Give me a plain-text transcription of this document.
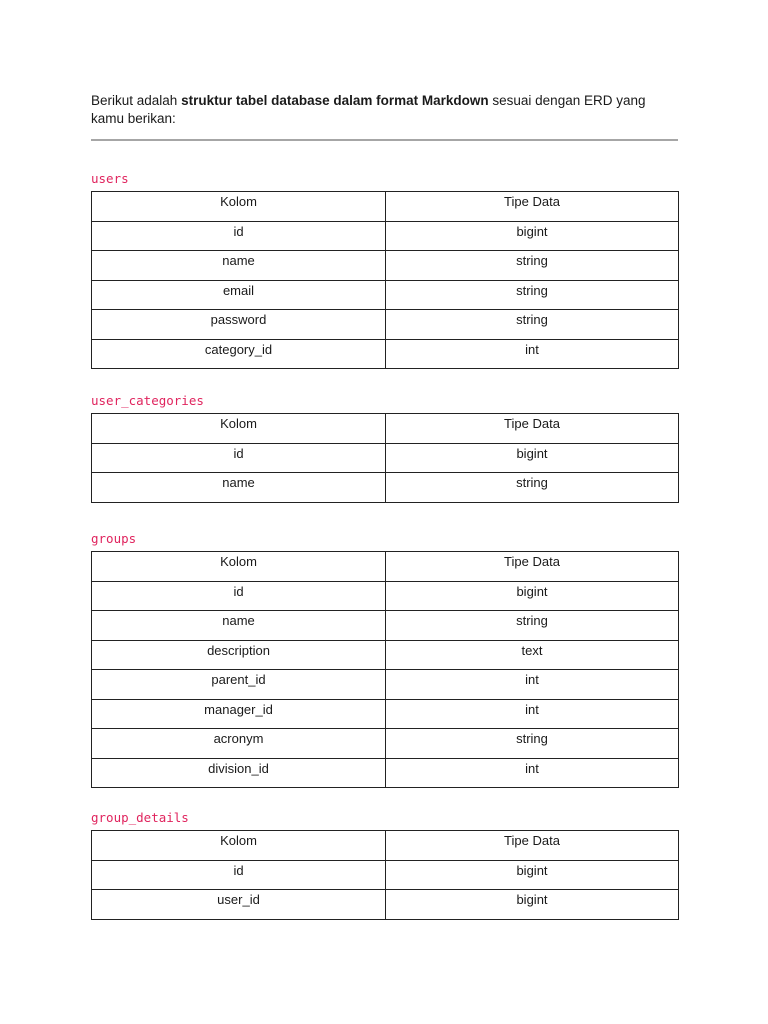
Berikut adalah struktur tabel database dalam format Markdown sesuai dengan ERD yang kamu berikan:

users
Kolom	Tipe Data
id	bigint
name	string
email	string
password	string
category_id	int
user_categories
Kolom	Tipe Data
id	bigint
name	string
groups
Kolom	Tipe Data
id	bigint
name	string
description	text
parent_id	int
manager_id	int
acronym	string
division_id	int
group_details
Kolom	Tipe Data
id	bigint
user_id	bigint
